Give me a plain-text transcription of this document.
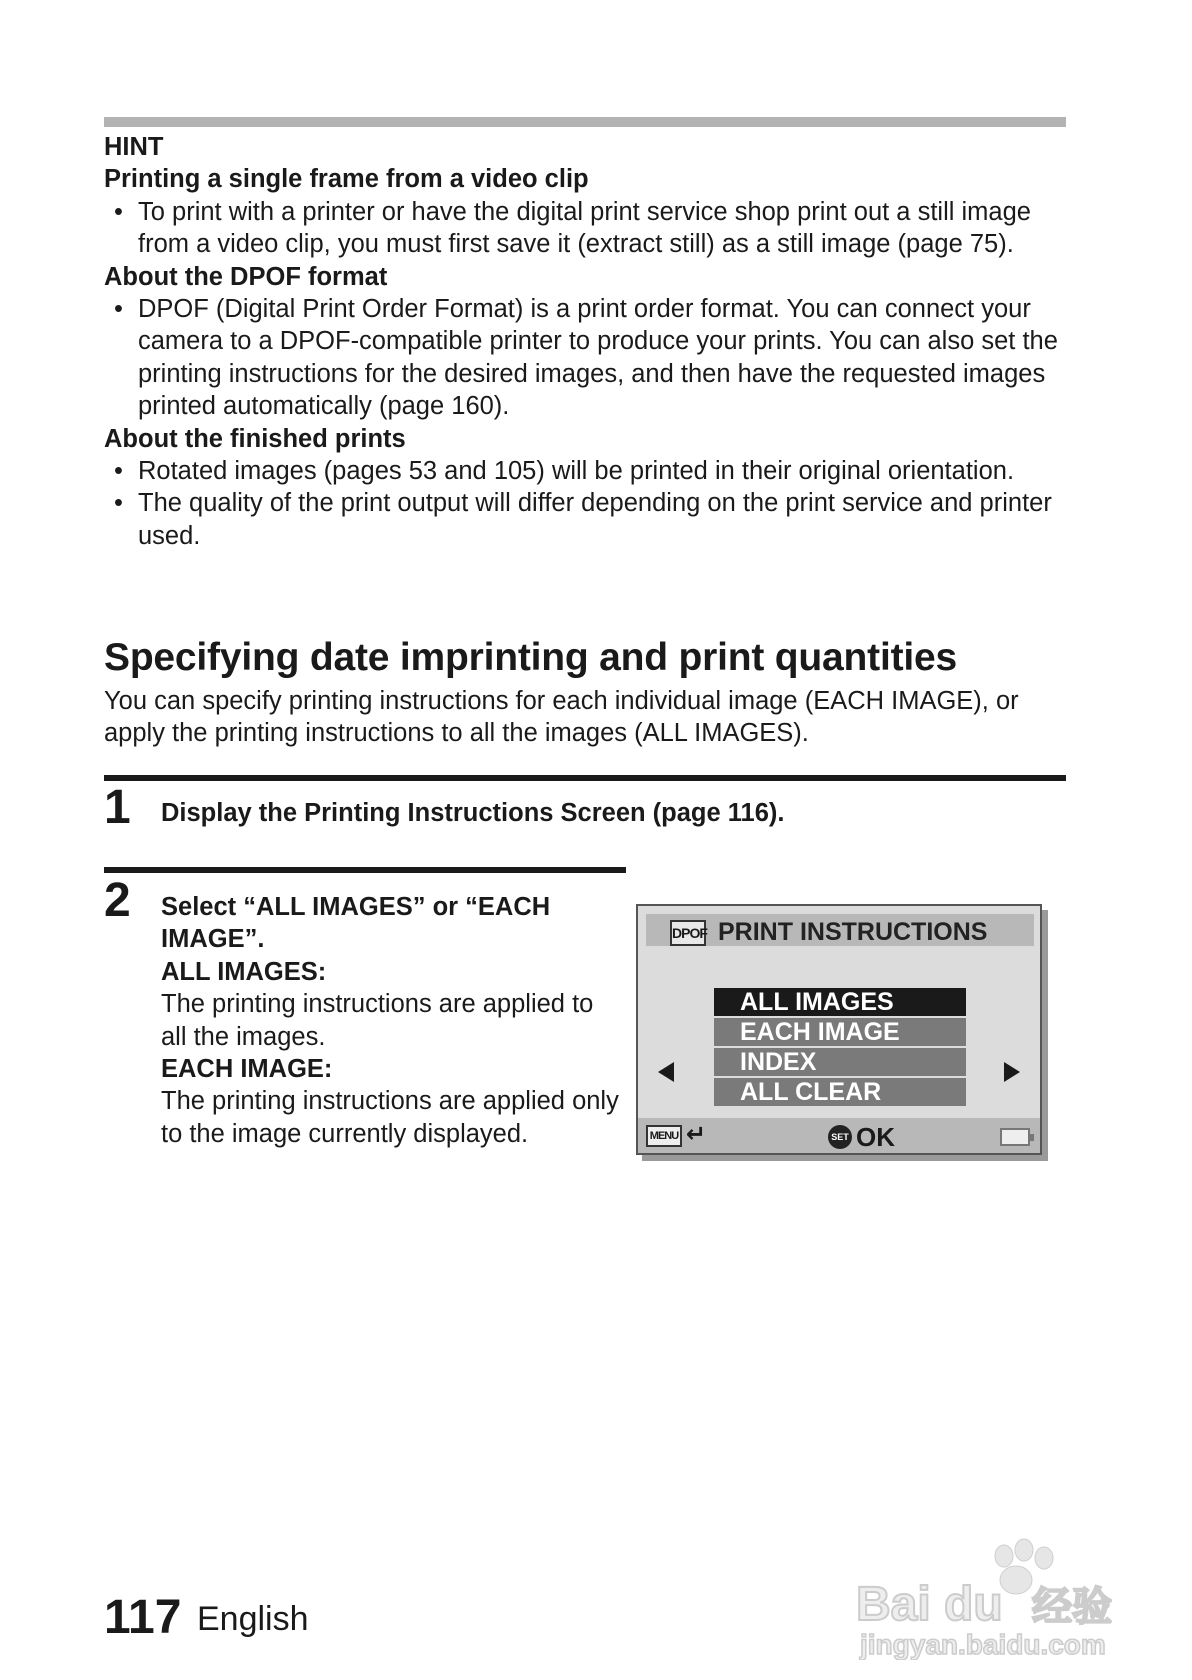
HINT
Printing a single frame from a video clip
• To print with a printer or have the digital print service shop print out a still image from a video clip, you must first save it (extract still) as a still image (page 75).
About the DPOF format
• DPOF (Digital Print Order Format) is a print order format. You can connect your camera to a DPOF-compatible printer to produce your prints. You can also set the printing instructions for the desired images, and then have the requested images printed automatically (page 160).
About the finished prints
• Rotated images (pages 53 and 105) will be printed in their original orientation.
• The quality of the print output will differ depending on the print service and printer used.
Specifying date imprinting and print quantities
You can specify printing instructions for each individual image (EACH IMAGE), or apply the printing instructions to all the images (ALL IMAGES).
1 Display the Printing Instructions Screen (page 116).
2 Select “ALL IMAGES” or “EACH IMAGE”.
ALL IMAGES:
The printing instructions are applied to all the images.
EACH IMAGE:
The printing instructions are applied only to the image currently displayed.
DPOF PRINT INSTRUCTIONS
ALL IMAGES
EACH IMAGE
INDEX
ALL CLEAR
MENU ↵	SET OK
117 English	Bai du 经验
jingyan.baidu.com
